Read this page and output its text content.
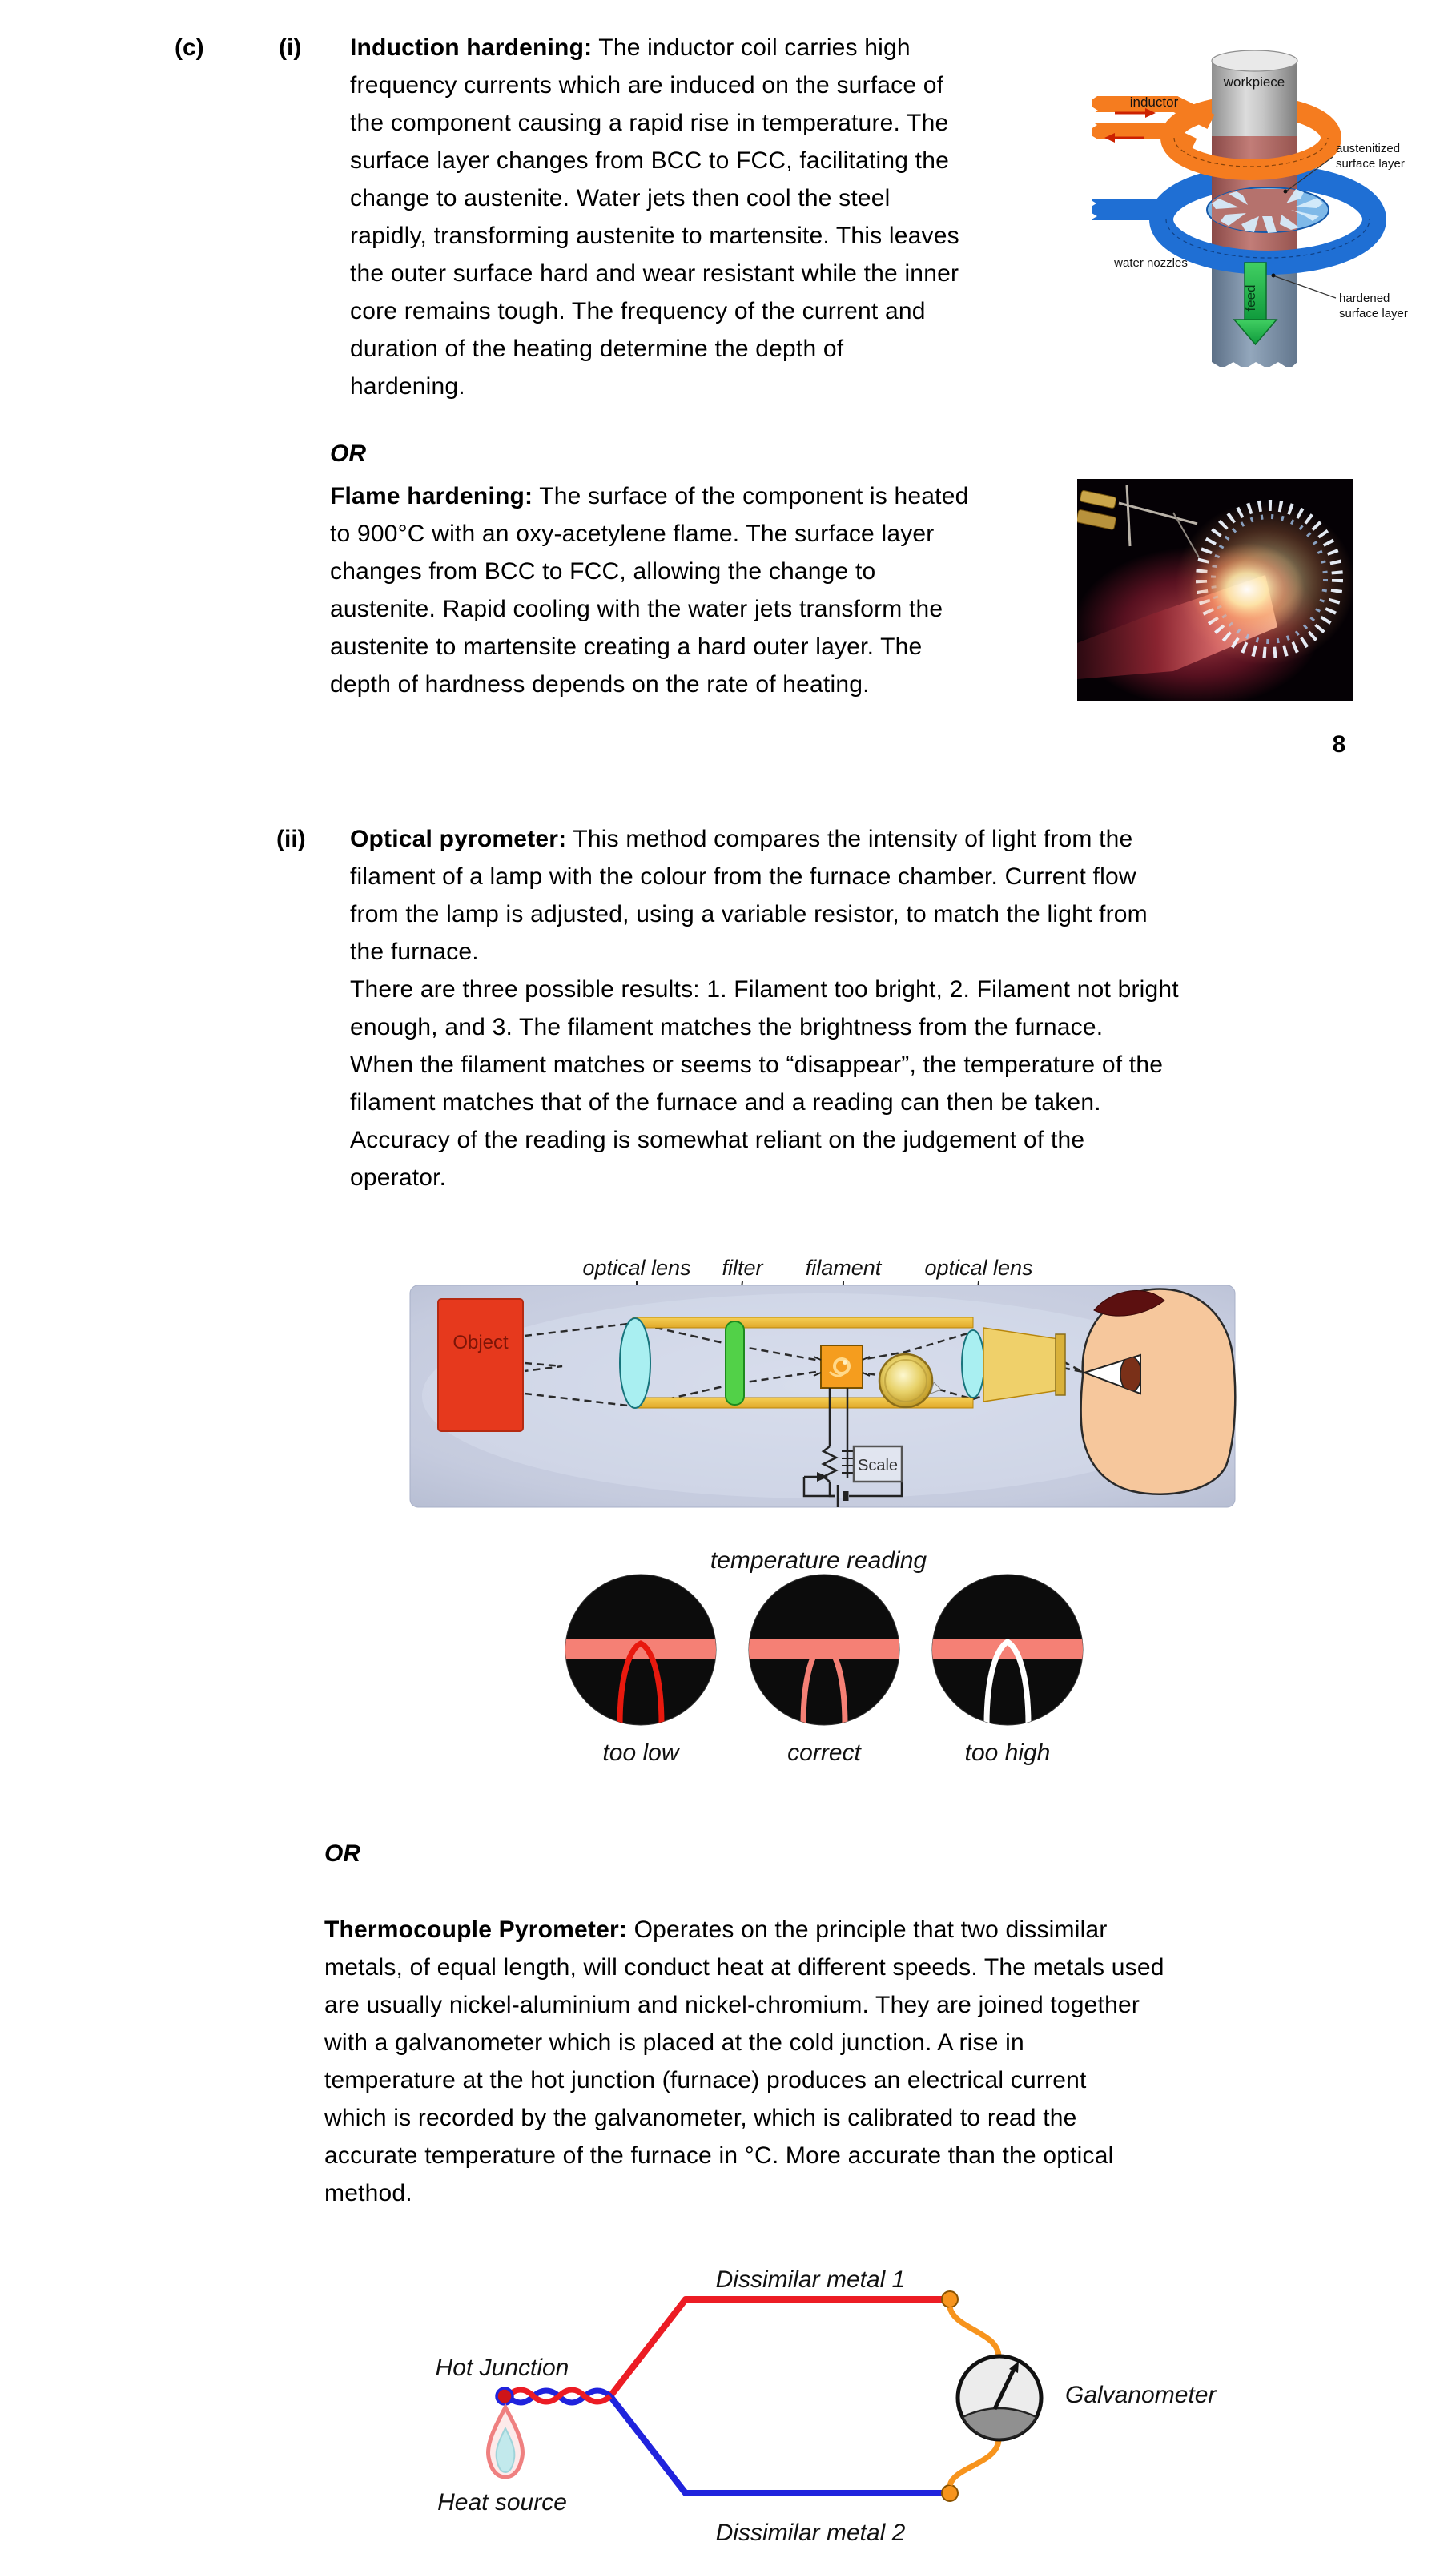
(c)	(i) Induction hardening: The inductor coil carries high
frequency currents which are induced on the surface of
the component causing a rapid rise in temperature. The
surface layer changes from BCC to FCC, facilitating the
change to austenite. Water jets then cool the steel
rapidly, transforming austenite to martensite. This leaves
the outer surface hard and wear resistant while the inner
core remains tough. The frequency of the current and
duration of the heating determine the depth of
hardening.
feed
workpiece
inductor
austenitized
surface layer
water nozzles
hardened
surface layer
OR
Flame hardening: The surface of the component is heated
to 900°C with an oxy-acetylene flame. The surface layer
changes from BCC to FCC, allowing the change to
austenite. Rapid cooling with the water jets transform the
austenite to martensite creating a hard outer layer. The
depth of hardness depends on the rate of heating.
8
(ii) Optical pyrometer: This method compares the intensity of light from the
filament of a lamp with the colour from the furnace chamber. Current flow
from the lamp is adjusted, using a variable resistor, to match the light from
the furnace.
There are three possible results: 1. Filament too bright, 2. Filament not bright
enough, and 3. The filament matches the brightness from the furnace.
When the filament matches or seems to “disappear”, the temperature of the
filament matches that of the furnace and a reading can then be taken.
Accuracy of the reading is somewhat reliant on the judgement of the
operator.
optical lens filter filament optical lens
Object
Scale
temperature reading
too low	correct	too high
OR
Thermocouple Pyrometer: Operates on the principle that two dissimilar
metals, of equal length, will conduct heat at different speeds. The metals used
are usually nickel-aluminium and nickel-chromium. They are joined together
with a galvanometer which is placed at the cold junction. A rise in
temperature at the hot junction (furnace) produces an electrical current
which is recorded by the galvanometer, which is calibrated to read the
accurate temperature of the furnace in °C. More accurate than the optical
method.
Dissimilar metal 1
Hot Junction
Galvanometer
Heat source
Dissimilar metal 2
